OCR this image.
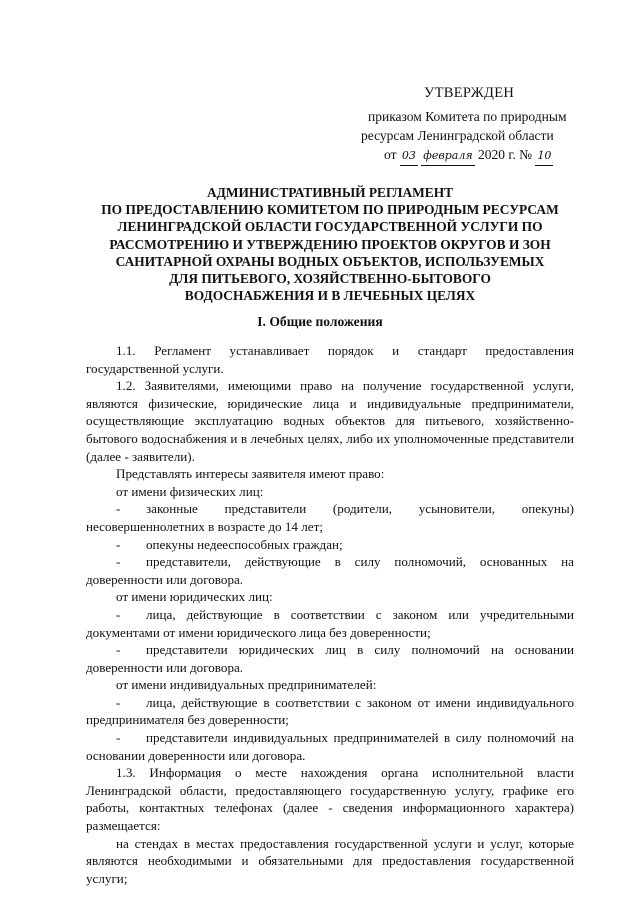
УТВЕРЖДЕН
приказом Комитета по природным
ресурсам Ленинградской области
от 03 февраля 2020 г. № 10
АДМИНИСТРАТИВНЫЙ РЕГЛАМЕНТ
ПО ПРЕДОСТАВЛЕНИЮ КОМИТЕТОМ ПО ПРИРОДНЫМ РЕСУРСАМ
ЛЕНИНГРАДСКОЙ ОБЛАСТИ ГОСУДАРСТВЕННОЙ УСЛУГИ ПО
РАССМОТРЕНИЮ И УТВЕРЖДЕНИЮ ПРОЕКТОВ ОКРУГОВ И ЗОН
САНИТАРНОЙ ОХРАНЫ ВОДНЫХ ОБЪЕКТОВ, ИСПОЛЬЗУЕМЫХ
ДЛЯ ПИТЬЕВОГО, ХОЗЯЙСТВЕННО-БЫТОВОГО
ВОДОСНАБЖЕНИЯ И В ЛЕЧЕБНЫХ ЦЕЛЯХ
I. Общие положения
1.1. Регламент устанавливает порядок и стандарт предоставления государственной услуги.
1.2. Заявителями, имеющими право на получение государственной услуги, являются физические, юридические лица и индивидуальные предприниматели, осуществляющие эксплуатацию водных объектов для питьевого, хозяйственно-бытового водоснабжения и в лечебных целях, либо их уполномоченные представители (далее - заявители).
Представлять интересы заявителя имеют право:
от имени физических лиц:
- законные представители (родители, усыновители, опекуны) несовершеннолетних в возрасте до 14 лет;
- опекуны недееспособных граждан;
- представители, действующие в силу полномочий, основанных на доверенности или договора.
от имени юридических лиц:
- лица, действующие в соответствии с законом или учредительными документами от имени юридического лица без доверенности;
- представители юридических лиц в силу полномочий на основании доверенности или договора.
от имени индивидуальных предпринимателей:
- лица, действующие в соответствии с законом от имени индивидуального предпринимателя без доверенности;
- представители индивидуальных предпринимателей в силу полномочий на основании доверенности или договора.
1.3. Информация о месте нахождения органа исполнительной власти Ленинградской области, предоставляющего государственную услугу, графике его работы, контактных телефонах (далее - сведения информационного характера) размещается:
на стендах в местах предоставления государственной услуги и услуг, которые являются необходимыми и обязательными для предоставления государственной услуги;
